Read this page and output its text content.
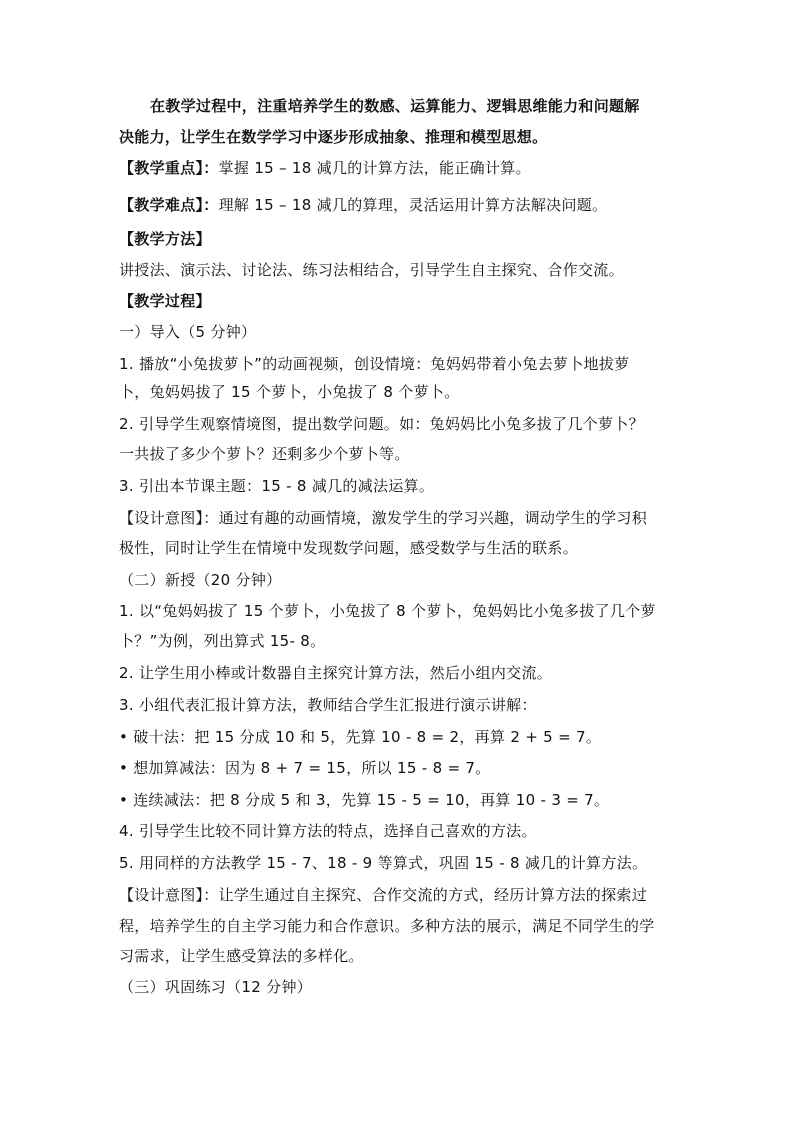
在教学过程中，注重培养学生的数感、运算能力、逻辑思维能力和问题解
决能力，让学生在数学学习中逐步形成抽象、推理和模型思想。
【教学重点】：掌握 15 – 18 减几的计算方法，能正确计算。
【教学难点】：理解 15 – 18 减几的算理，灵活运用计算方法解决问题。
【教学方法】
讲授法、演示法、讨论法、练习法相结合，引导学生自主探究、合作交流。
【教学过程】
一）导入（5 分钟）
1. 播放“小兔拔萝卜”的动画视频，创设情境：兔妈妈带着小兔去萝卜地拔萝
卜，兔妈妈拔了 15 个萝卜，小兔拔了 8 个萝卜。
2. 引导学生观察情境图，提出数学问题。如：兔妈妈比小兔多拔了几个萝卜？
一共拔了多少个萝卜？还剩多少个萝卜等。
3. 引出本节课主题：15 - 8 减几的减法运算。
【设计意图】：通过有趣的动画情境，激发学生的学习兴趣，调动学生的学习积
极性，同时让学生在情境中发现数学问题，感受数学与生活的联系。
（二）新授（20 分钟）
1. 以“兔妈妈拔了 15 个萝卜，小兔拔了 8 个萝卜，兔妈妈比小兔多拔了几个萝
卜？”为例，列出算式 15- 8。
2. 让学生用小棒或计数器自主探究计算方法，然后小组内交流。
3. 小组代表汇报计算方法，教师结合学生汇报进行演示讲解：
• 破十法：把 15 分成 10 和 5，先算 10 - 8 = 2，再算 2 + 5 = 7。
• 想加算减法：因为 8 + 7 = 15，所以 15 - 8 = 7。
• 连续减法：把 8 分成 5 和 3，先算 15 - 5 = 10，再算 10 - 3 = 7。
4. 引导学生比较不同计算方法的特点，选择自己喜欢的方法。
5. 用同样的方法教学 15 - 7、18 - 9 等算式，巩固 15 - 8 减几的计算方法。
【设计意图】：让学生通过自主探究、合作交流的方式，经历计算方法的探索过
程，培养学生的自主学习能力和合作意识。多种方法的展示，满足不同学生的学
习需求，让学生感受算法的多样化。
（三）巩固练习（12 分钟）
